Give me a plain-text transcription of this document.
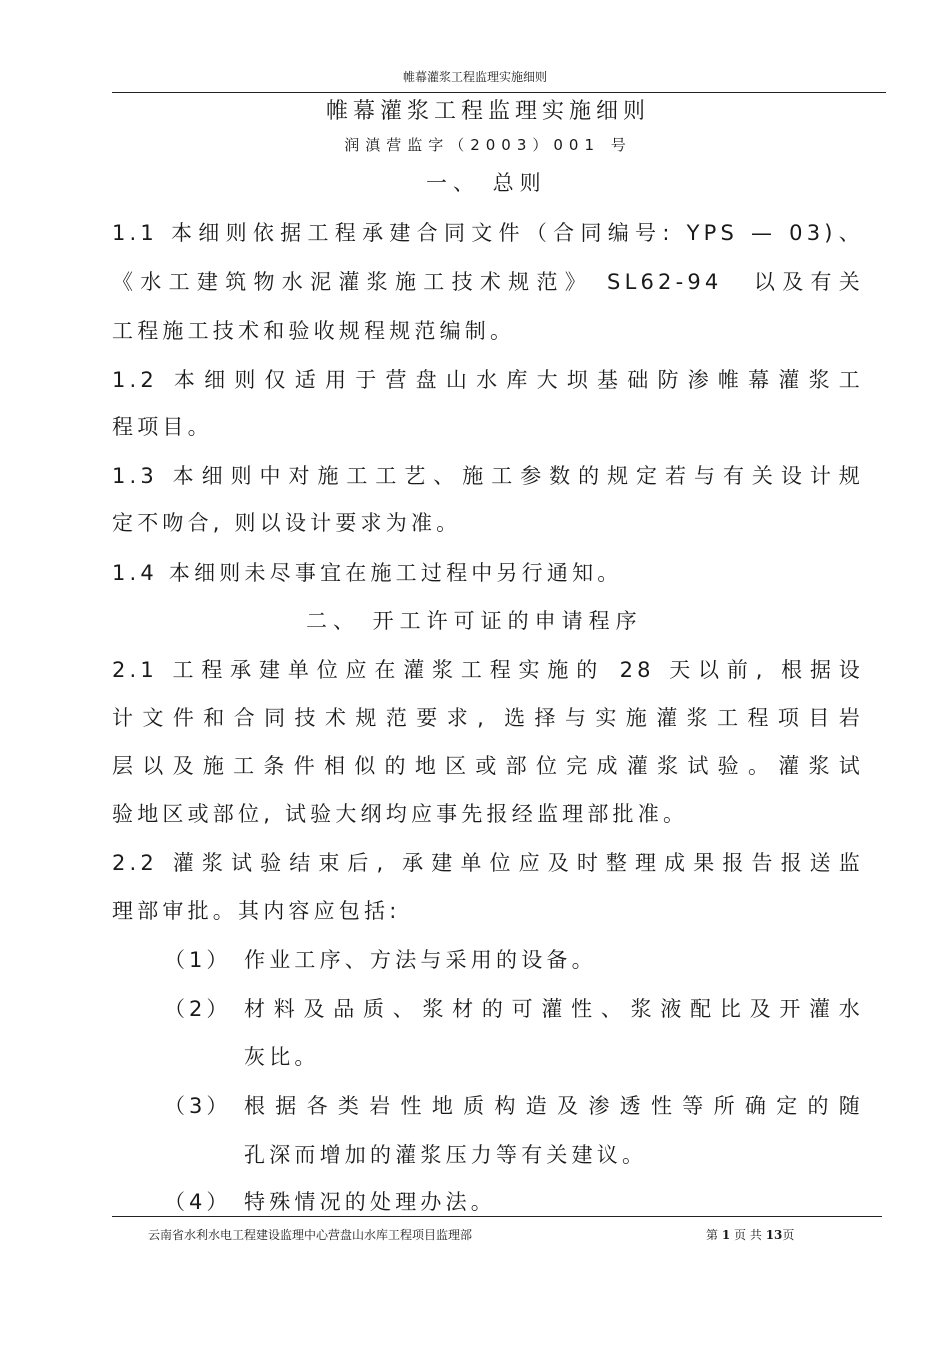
帷幕灌浆工程监理实施细则
帷幕灌浆工程监理实施细则
润滇营监字（2003）001 号
一、 总则
1.1 本细则依据工程承建合同文件（合同编号: YPS — 03)、
《水工建筑物水泥灌浆施工技术规范》 SL62-94　以及有关
工程施工技术和验收规程规范编制。
1.2 本细则仅适用于营盘山水库大坝基础防渗帷幕灌浆工
程项目。
1.3 本细则中对施工工艺、施工参数的规定若与有关设计规
定不吻合, 则以设计要求为准。
1.4 本细则未尽事宜在施工过程中另行通知。
二、 开工许可证的申请程序
2.1 工程承建单位应在灌浆工程实施的 28 天以前, 根据设
计文件和合同技术规范要求, 选择与实施灌浆工程项目岩
层以及施工条件相似的地区或部位完成灌浆试验。灌浆试
验地区或部位, 试验大纲均应事先报经监理部批准。
2.2 灌浆试验结束后, 承建单位应及时整理成果报告报送监
理部审批。其内容应包括:
（1） 作业工序、方法与采用的设备。
（2） 材料及品质、浆材的可灌性、浆液配比及开灌水
灰比。
（3） 根据各类岩性地质构造及渗透性等所确定的随
孔深而增加的灌浆压力等有关建议。
（4） 特殊情况的处理办法。
云南省水利水电工程建设监理中心营盘山水库工程项目监理部	第 1 页 共 13页
